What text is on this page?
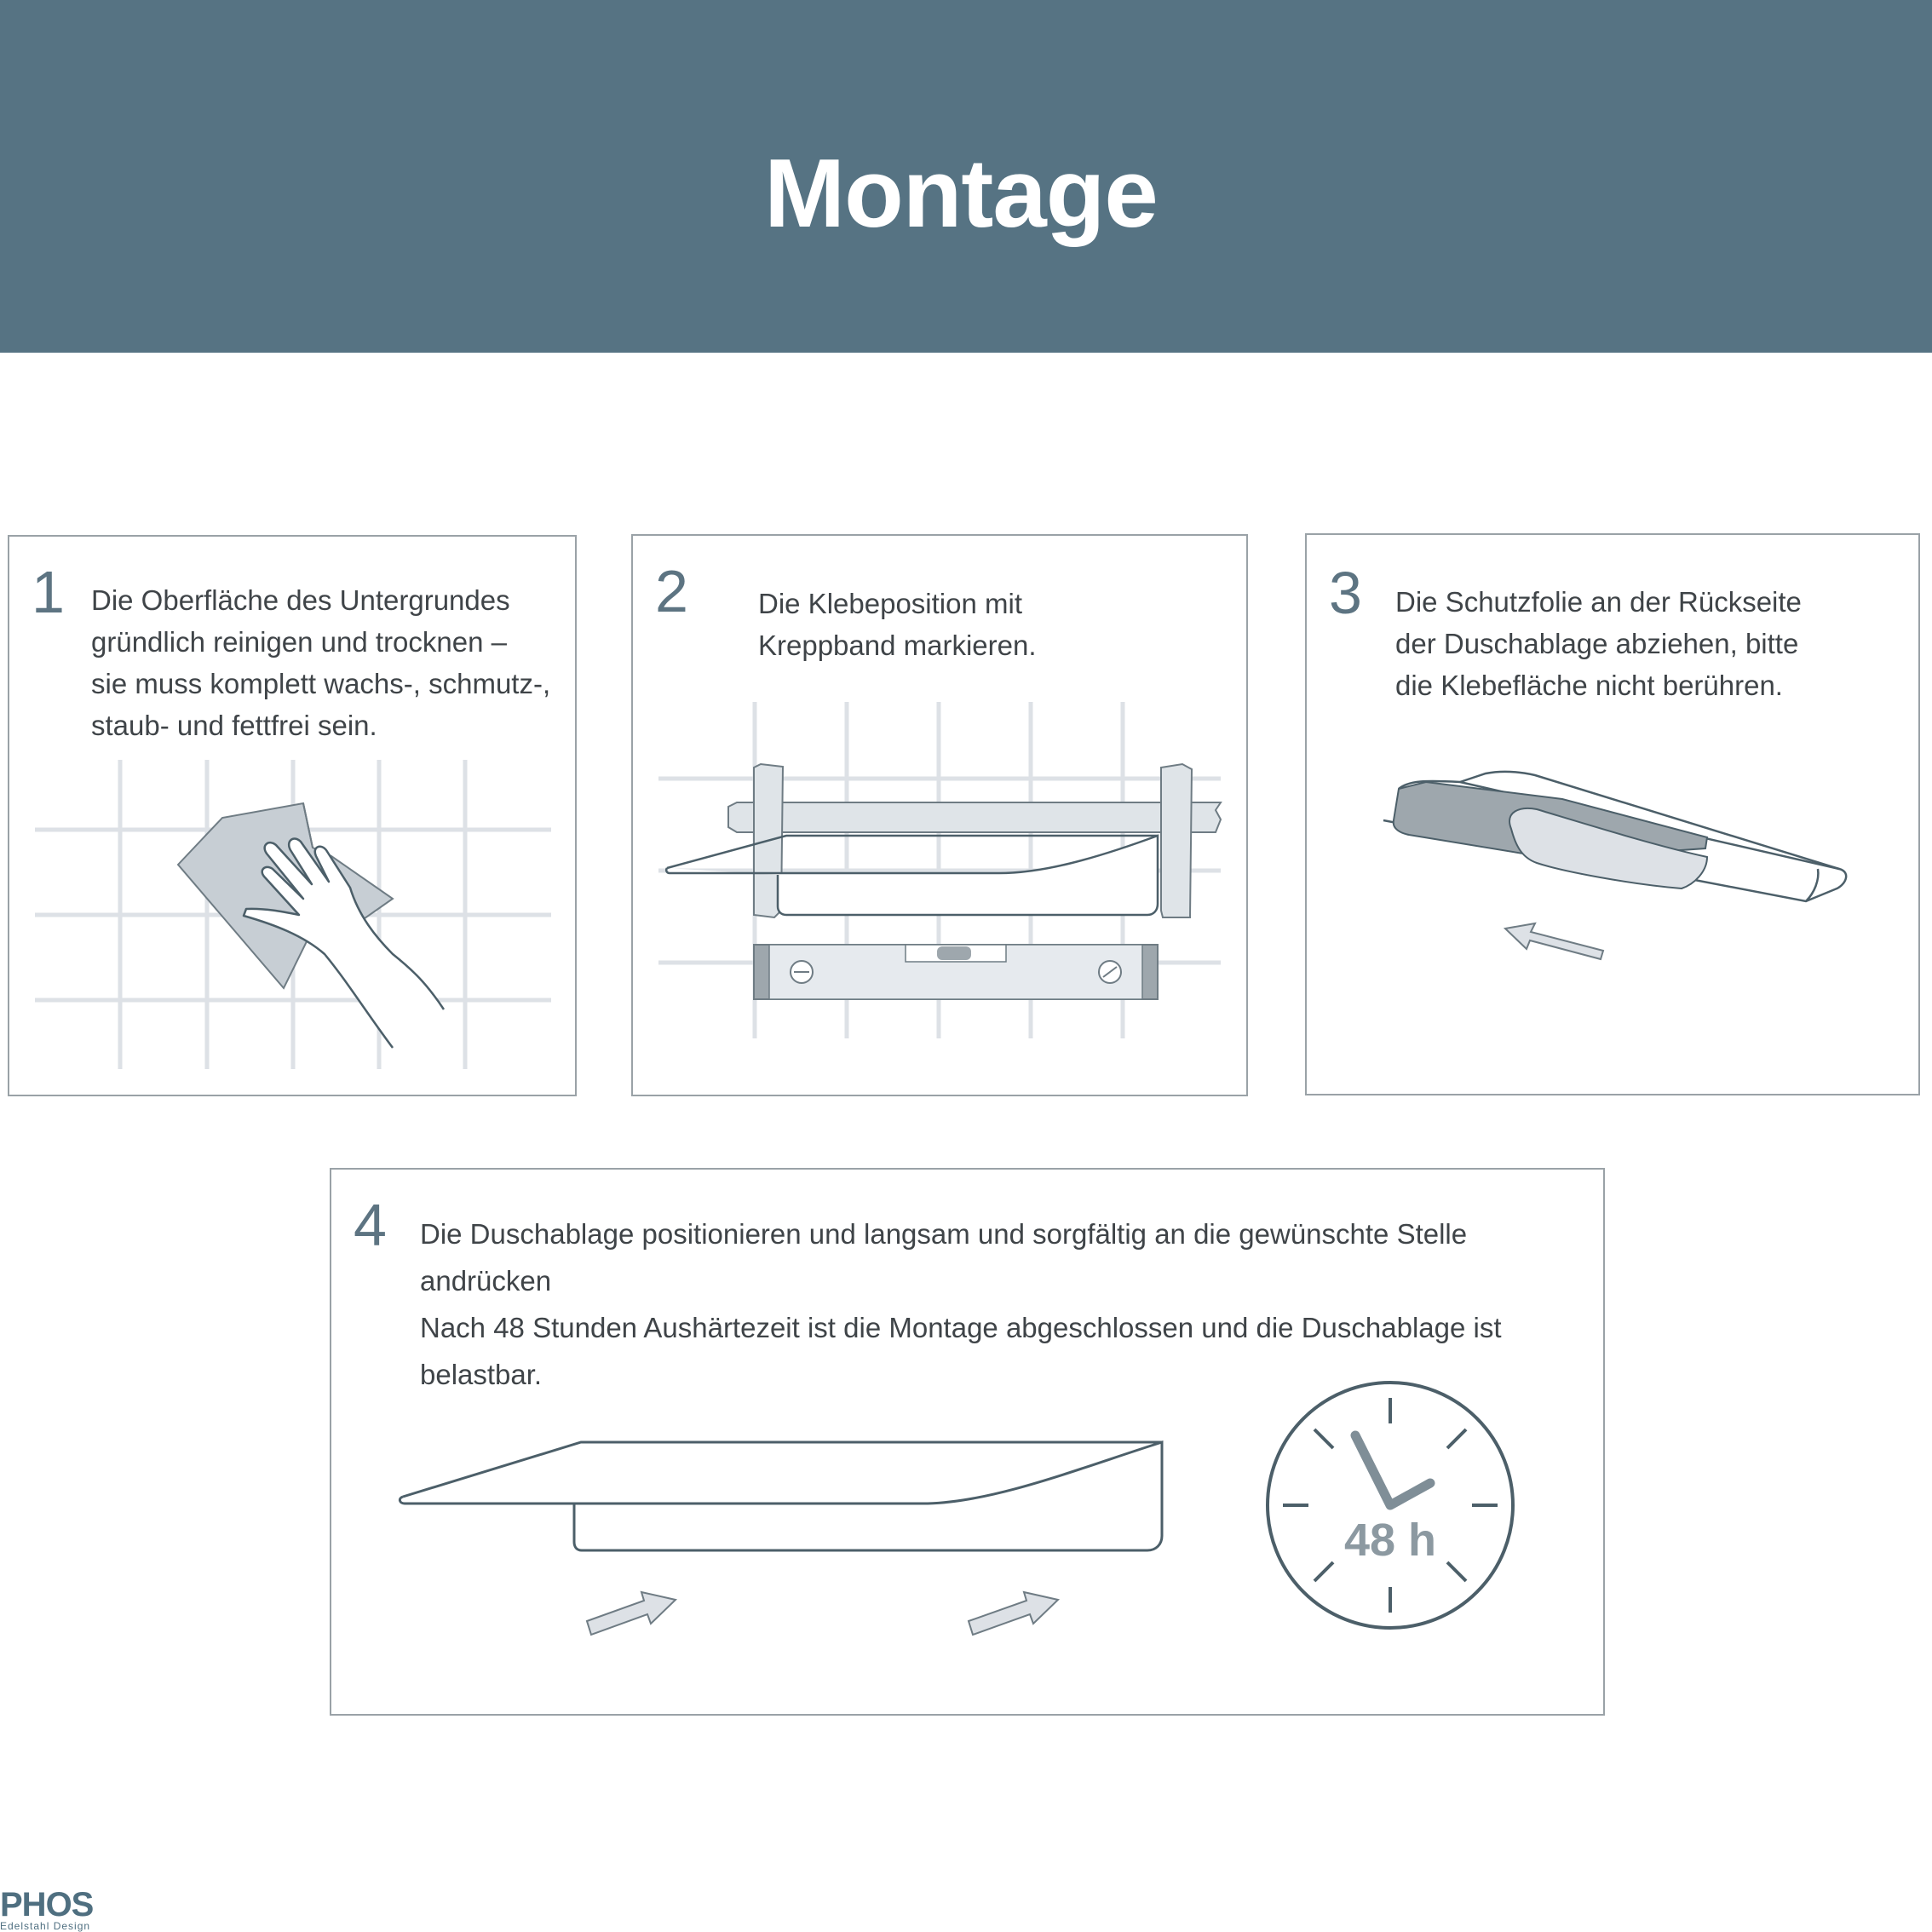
Montage
1 Die Oberfläche des Untergrundes
gründlich reinigen und trocknen –
sie muss komplett wachs-, schmutz-,
staub- und fettfrei sein.
2 Die Klebeposition mit
Kreppband markieren.
3 Die Schutzfolie an der Rückseite
der Duschablage abziehen, bitte
die Klebefläche nicht berühren.
4 Die Duschablage positionieren und langsam und sorgfältig an die gewünschte Stelle andrücken
Nach 48 Stunden Aushärtezeit ist die Montage abgeschlossen und die Duschablage ist belastbar.
48 h
PHOS
Edelstahl Design
